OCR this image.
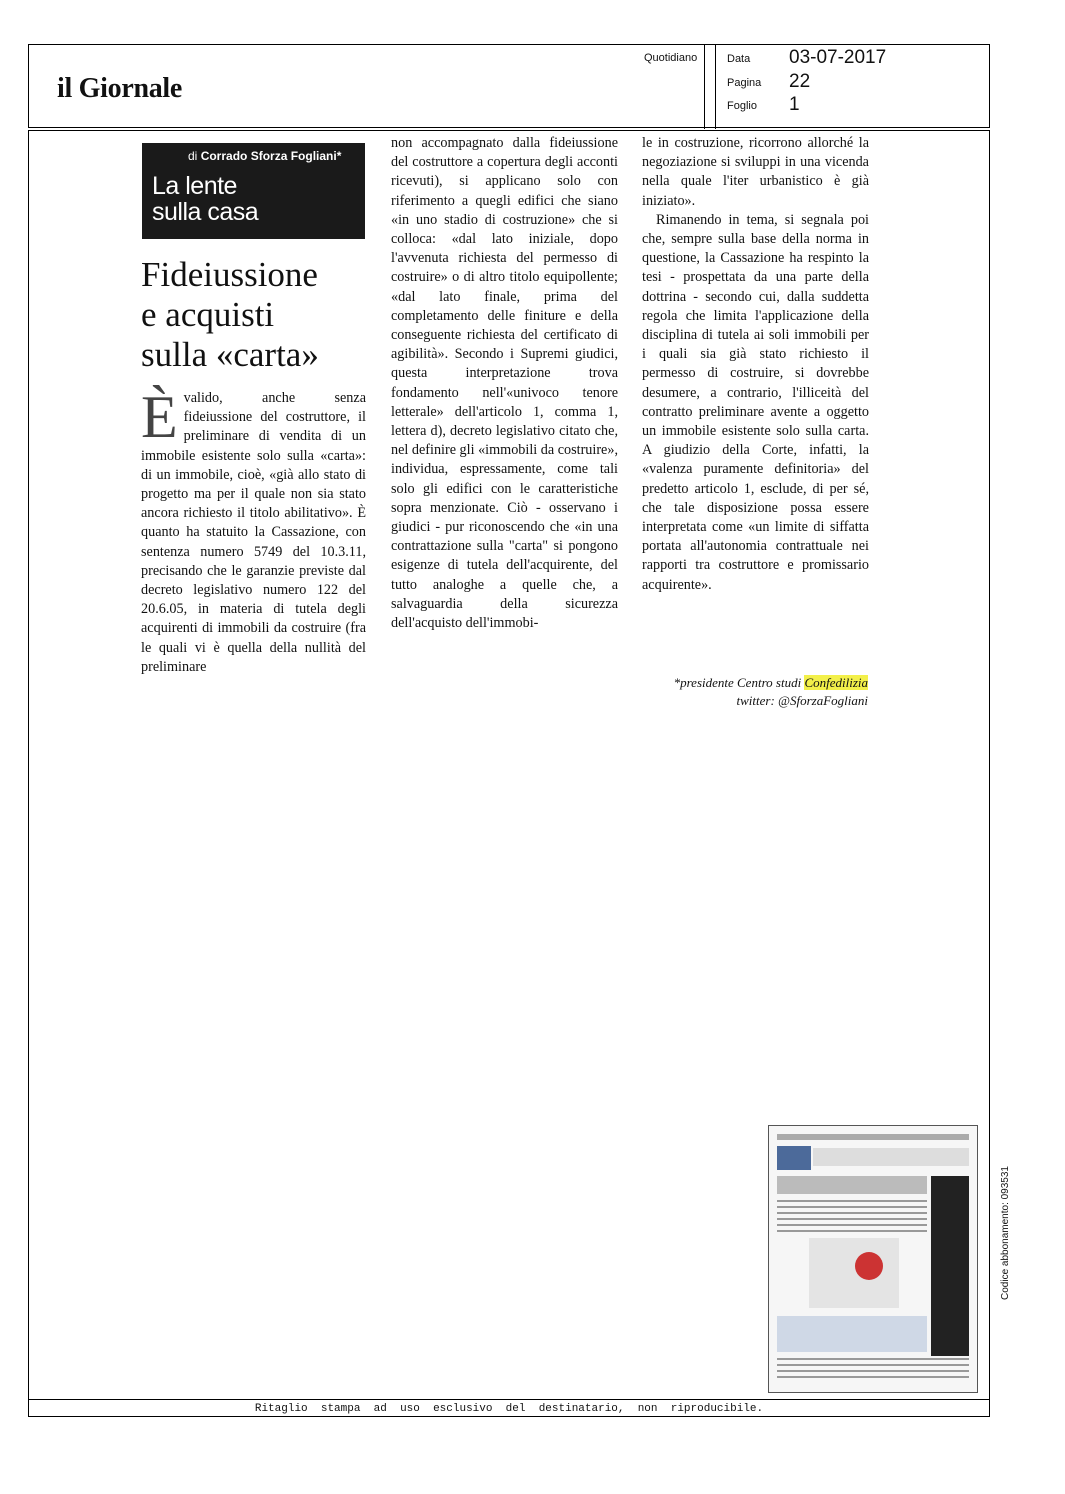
il Giornale
Quotidiano	Data 03-07-2017
Pagina 22
Foglio 1
di Corrado Sforza Fogliani*
La lente
sulla casa
Fideiussione
e acquisti
sulla «carta»

Èvalido, anche senza fideiussione del costruttore, il preliminare di vendita di un immobile esistente solo sulla «carta»: di un immobile, cioè, «già allo stato di progetto ma per il quale non sia stato ancora richiesto il titolo abilitativo». È quanto ha statuito la Cassazione, con sentenza numero 5749 del 10.3.11, precisando che le garanzie previste dal decreto legislativo numero 122 del 20.6.05, in materia di tutela degli acquirenti di immobili da costruire (fra le quali vi è quella della nullità del preliminare

non accompagnato dalla fideiussione del costruttore a copertura degli acconti ricevuti), si applicano solo con riferimento a quegli edifici che siano «in uno stadio di costruzione» che si colloca: «dal lato iniziale, dopo l'avvenuta richiesta del permesso di costruire» o di altro titolo equipollente; «dal lato finale, prima del completamento delle finiture e della conseguente richiesta del certificato di agibilità». Secondo i Supremi giudici, questa interpretazione trova fondamento nell'«univoco tenore letterale» dell'articolo 1, comma 1, lettera d), decreto legislativo citato che, nel definire gli «immobili da costruire», individua, espressamente, come tali solo gli edifici con le caratteristiche sopra menzionate. Ciò - osservano i giudici - pur riconoscendo che «in una contrattazione sulla "carta" si pongono esigenze di tutela dell'acquirente, del tutto analoghe a quelle che, a salvaguardia della sicurezza dell'acquisto dell'immobi-

le in costruzione, ricorrono allorché la negoziazione si sviluppi in una vicenda nella quale l'iter urbanistico è già iniziato».

Rimanendo in tema, si segnala poi che, sempre sulla base della norma in questione, la Cassazione ha respinto la tesi - prospettata da una parte della dottrina - secondo cui, dalla suddetta regola che limita l'applicazione della disciplina di tutela ai soli immobili per i quali sia già stato richiesto il permesso di costruire, si dovrebbe desumere, a contrario, l'illiceità del contratto preliminare avente a oggetto un immobile esistente solo sulla carta. A giudizio della Corte, infatti, la «valenza puramente definitoria» del predetto articolo 1, esclude, di per sé, che tale disposizione possa essere interpretata come «un limite di siffatta portata all'autonomia contrattuale nei rapporti tra costruttore e promissario acquirente».

*presidente Centro studi Confedilizia
twitter: @SforzaFogliani
Ritaglio  stampa  ad  uso  esclusivo  del  destinatario,  non  riproducibile.
Codice abbonamento: 093531
